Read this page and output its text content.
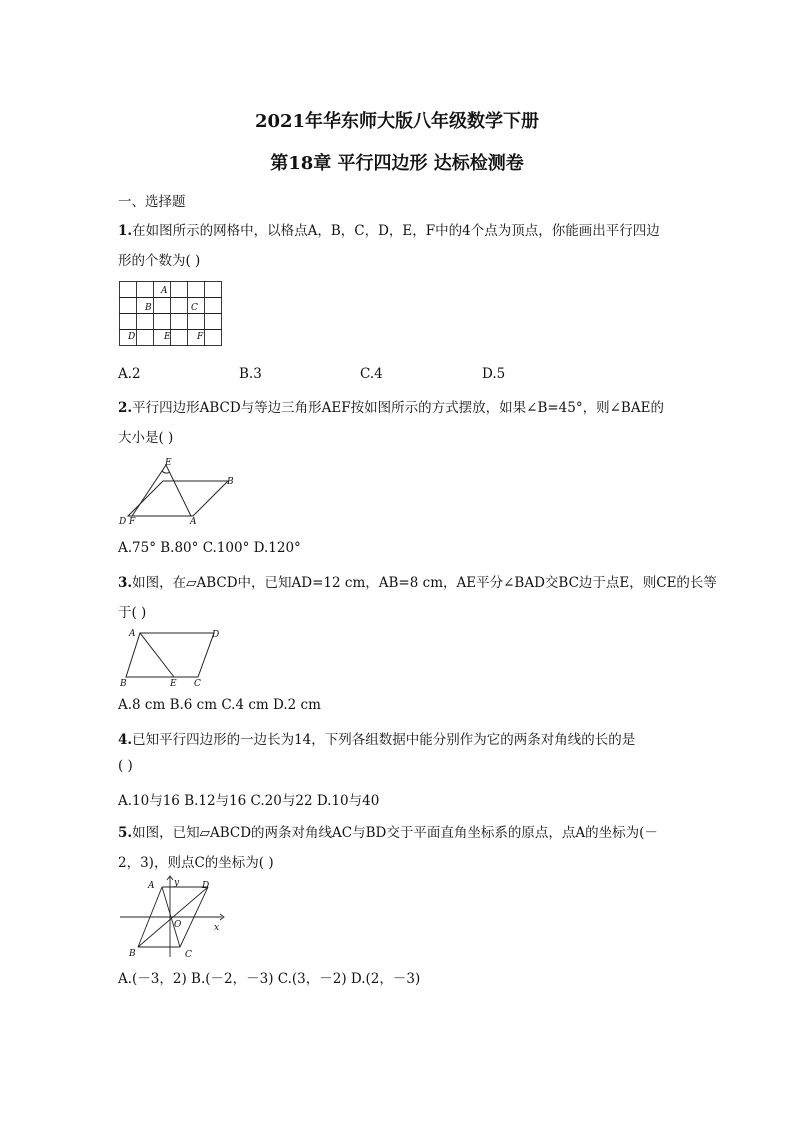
2021年华东师大版八年级数学下册
第18章 平行四边形 达标检测卷
一、选择题
1.在如图所示的网格中，以格点A，B，C，D，E，F中的4个点为顶点，你能画出平行四边
形的个数为( )
A
B	C
D	E	F
A.2	B.3	C.4	D.5
2.平行四边形ABCD与等边三角形AEF按如图所示的方式摆放，如果∠B=45°，则∠BAE的
大小是( )
E
B
D F	A
A.75° B.80° C.100° D.120°
3.如图，在▱ABCD中，已知AD=12 cm，AB=8 cm，AE平分∠BAD交BC边于点E，则CE的长等
于( )
A	D
B	E C
A.8 cm B.6 cm C.4 cm D.2 cm
4.已知平行四边形的一边长为14，下列各组数据中能分别作为它的两条对角线的长的是
( )
A.10与16 B.12与16 C.20与22 D.10与40
5.如图，已知▱ABCD的两条对角线AC与BD交于平面直角坐标系的原点，点A的坐标为(－
2，3)，则点C的坐标为( )
A y	D
O	x
B	C
A.(－3，2) B.(－2，－3) C.(3，－2) D.(2，－3)
